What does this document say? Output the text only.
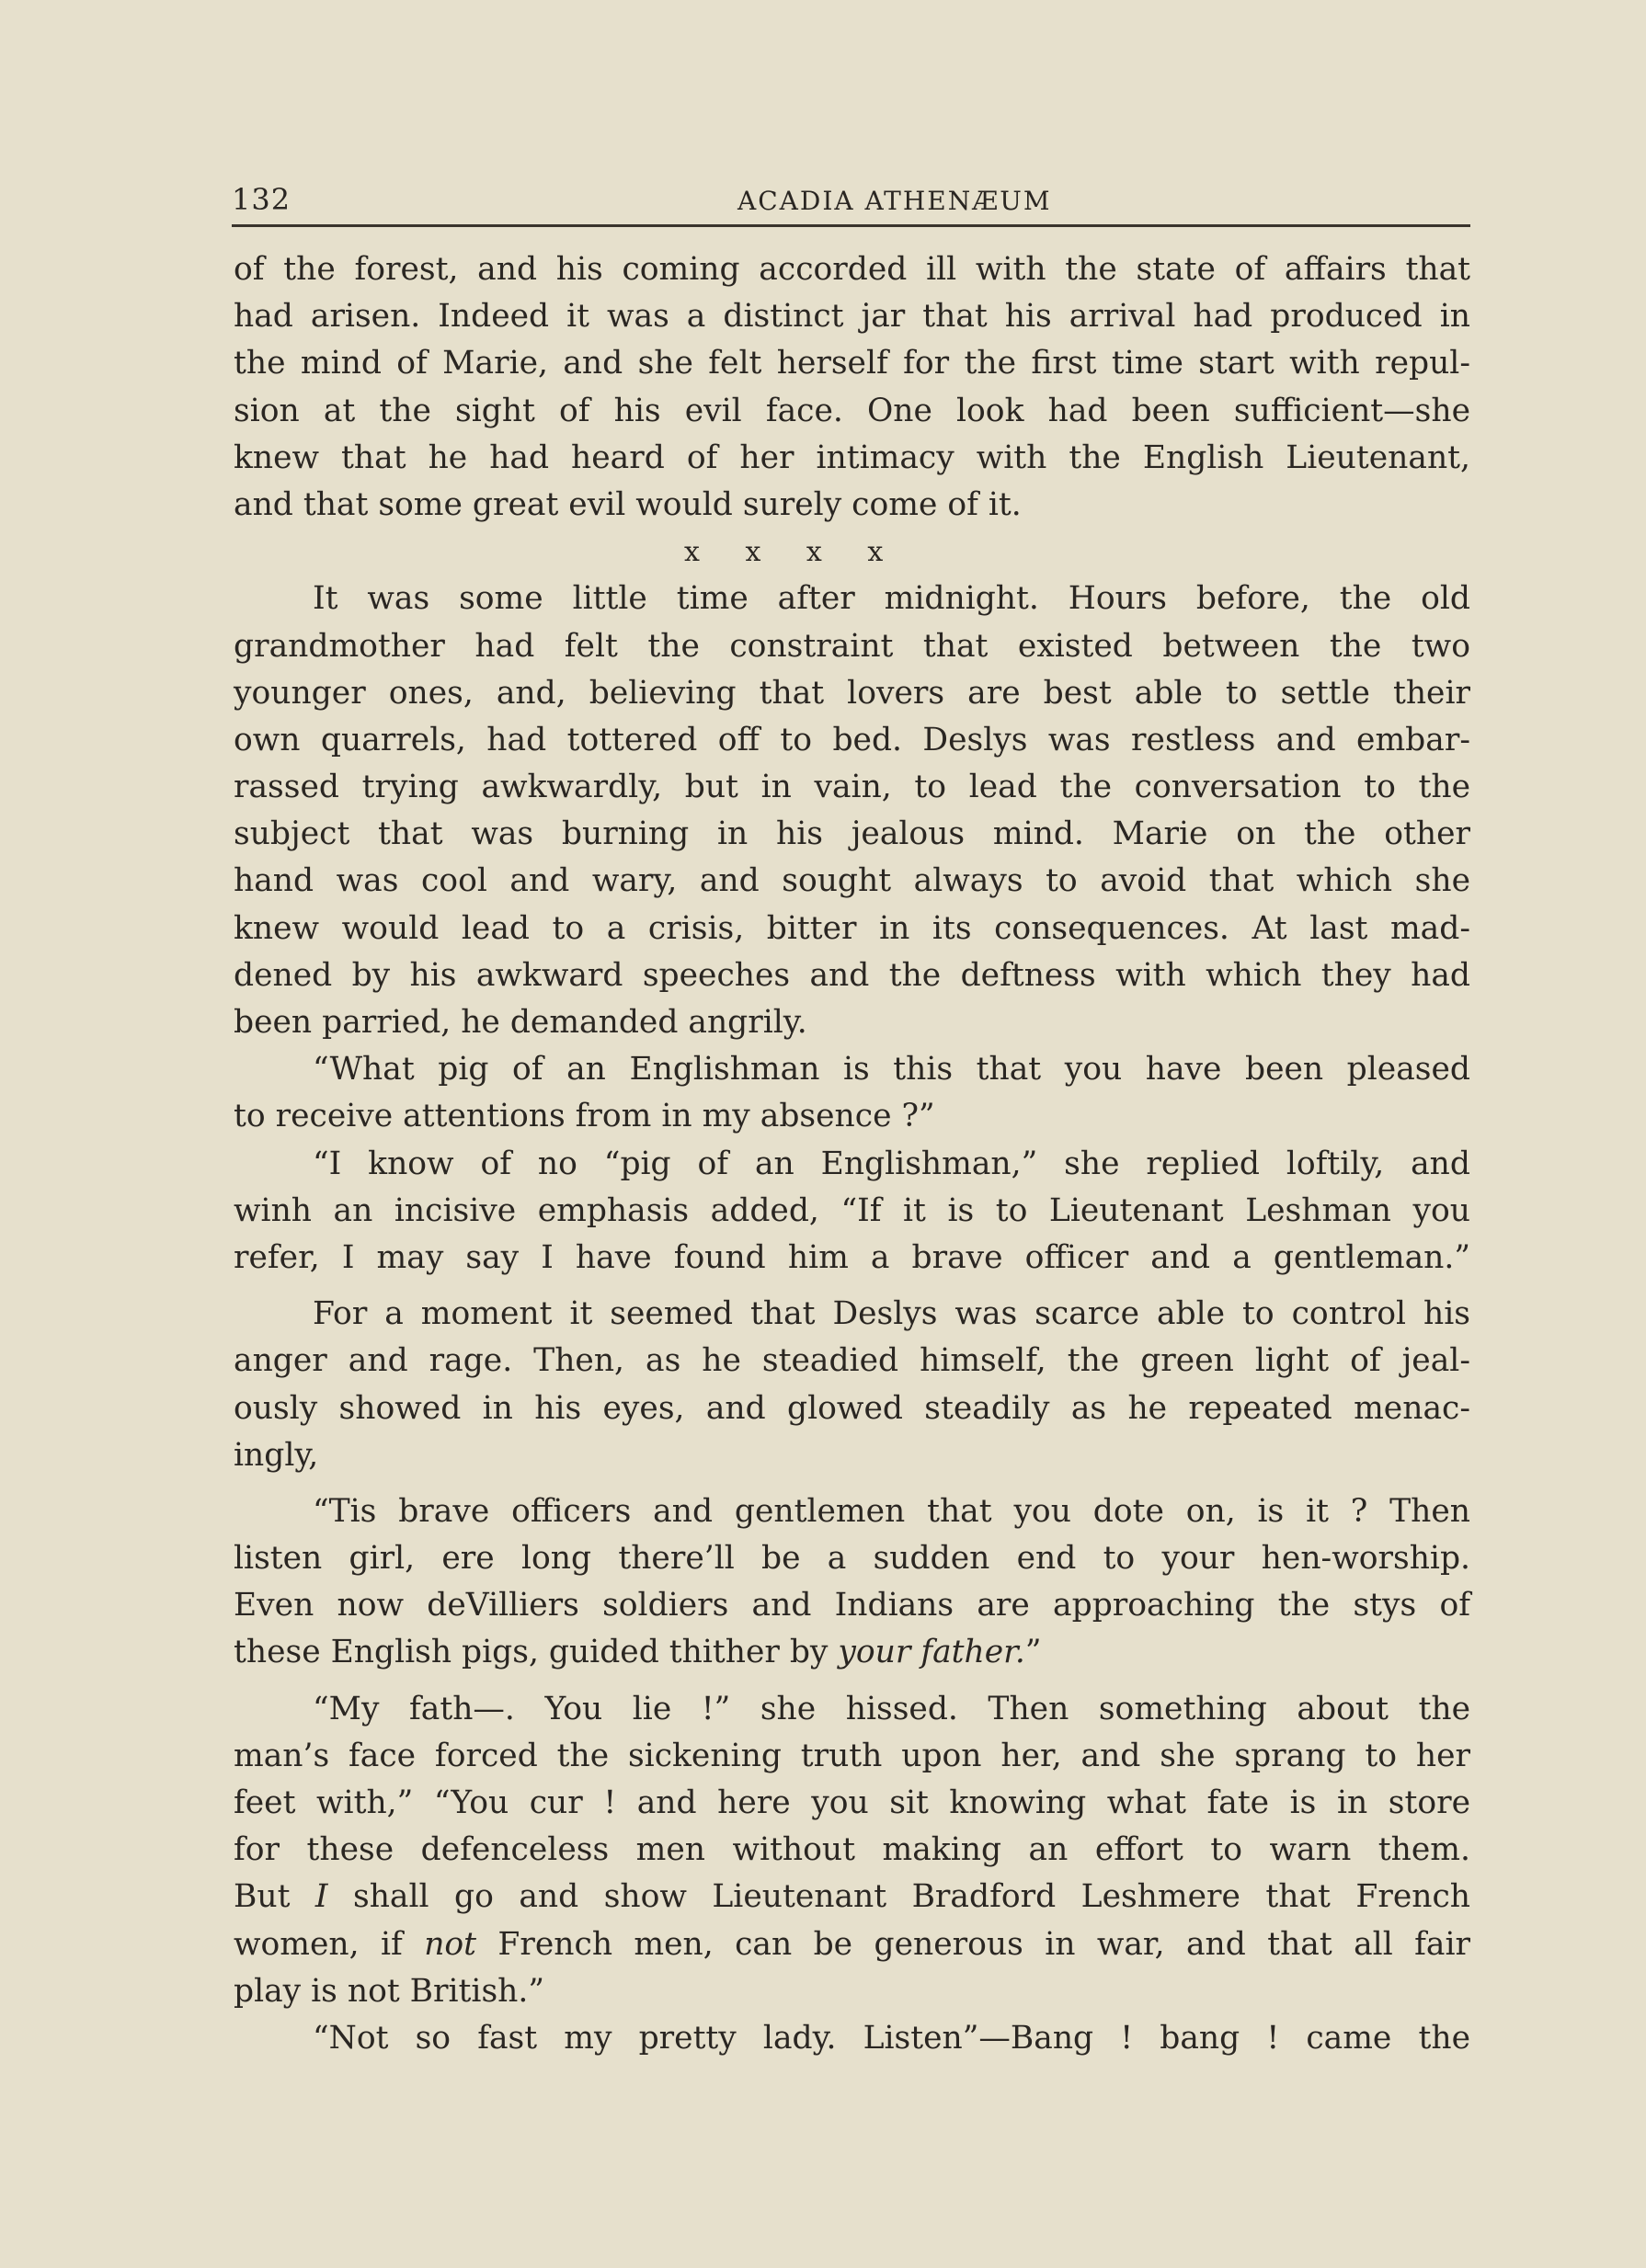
132	ACADIA ATHENÆUM
of the forest, and his coming accorded ill with the state of affairs that
had arisen. Indeed it was a distinct jar that his arrival had produced in
the mind of Marie, and she felt herself for the first time start with repul-
sion at the sight of his evil face. One look had been sufficient—she
knew that he had heard of her intimacy with the English Lieutenant,
and that some great evil would surely come of it.
x x x x
It was some little time after midnight. Hours before, the old
grandmother had felt the constraint that existed between the two
younger ones, and, believing that lovers are best able to settle their
own quarrels, had tottered off to bed. Deslys was restless and embar-
rassed trying awkwardly, but in vain, to lead the conversation to the
subject that was burning in his jealous mind. Marie on the other
hand was cool and wary, and sought always to avoid that which she
knew would lead to a crisis, bitter in its consequences. At last mad-
dened by his awkward speeches and the deftness with which they had
been parried, he demanded angrily.
“What pig of an Englishman is this that you have been pleased
to receive attentions from in my absence ?”
“I know of no “pig of an Englishman,” she replied loftily, and
winh an incisive emphasis added, “If it is to Lieutenant Leshman you
refer, I may say I have found him a brave officer and a gentleman.”
For a moment it seemed that Deslys was scarce able to control his
anger and rage. Then, as he steadied himself, the green light of jeal-
ously showed in his eyes, and glowed steadily as he repeated menac-
ingly,
“Tis brave officers and gentlemen that you dote on, is it ? Then
listen girl, ere long there’ll be a sudden end to your hen-worship.
Even now deVilliers soldiers and Indians are approaching the stys of
these English pigs, guided thither by your father.”
“My fath—. You lie !” she hissed. Then something about the
man’s face forced the sickening truth upon her, and she sprang to her
feet with,” “You cur ! and here you sit knowing what fate is in store
for these defenceless men without making an effort to warn them.
But I shall go and show Lieutenant Bradford Leshmere that French
women, if not French men, can be generous in war, and that all fair
play is not British.”
“Not so fast my pretty lady. Listen”—Bang ! bang ! came the
